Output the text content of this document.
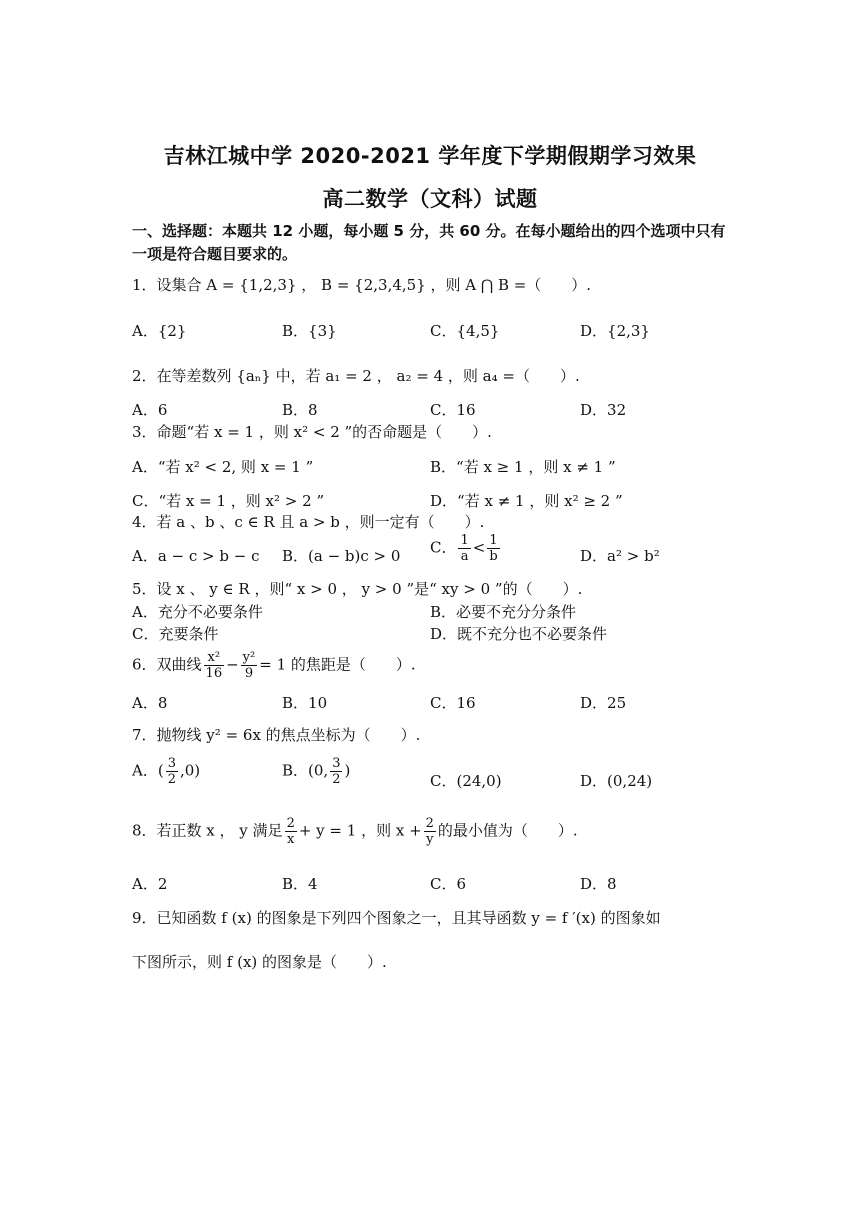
吉林江城中学 2020-2021 学年度下学期假期学习效果
高二数学（文科）试题
一、选择题：本题共 12 小题，每小题 5 分，共 60 分。在每小题给出的四个选项中只有一项是符合题目要求的。
1．设集合 A = {1,2,3} ， B = {2,3,4,5} ，则 A ⋂ B =（　　）.
A．{2}	B．{3}	C．{4,5}	D．{2,3}
2．在等差数列 {aₙ} 中，若 a₁ = 2 ， a₂ = 4 ，则 a₄ =（　　）.
A．6	B．8	C．16	D．32
3．命题“若 x = 1 ，则 x² < 2 ”的否命题是（　　）.
A．“若 x² < 2, 则 x = 1 ”	B．“若 x ≥ 1 ，则 x ≠ 1 ”
C．“若 x = 1 ，则 x² > 2 ”	D．“若 x ≠ 1 ，则 x² ≥ 2 ”
4．若 a 、b 、c ∈ R 且 a > b ，则一定有（　　）.
A．a − c > b − c B．(a − b)c > 0 C． $\frac{1}{a} < \frac{1}{b}$	D．a² > b²
5．设 x 、 y ∈ R ，则“ x > 0 ， y > 0 ”是“ xy > 0 ”的（　　）.
A．充分不必要条件	B．必要不充分分条件
C．充要条件	D．既不充分也不必要条件
6．双曲线 $\frac{\text{x²}}{16} - \frac{\text{y²}}{9} = 1$ 的焦距是（　　）.
A．8	B．10	C．16	D．25
7．抛物线 y² = 6x 的焦点坐标为（　　）.
A．( $\frac{3}{2} ,0$)	B．(0, $\frac{3}{2}$ )
C．(24,0)	D．(0,24)
8．若正数 x ， y 满足 $\frac{2}{x} + y = 1$ ，则 $x + \frac{2}{y}$ 的最小值为（　　）.
A．2	B．4	C．6	D．8
9．已知函数 f (x) 的图象是下列四个图象之一，且其导函数 y = f ′(x) 的图象如
下图所示，则 f (x) 的图象是（　　）.
